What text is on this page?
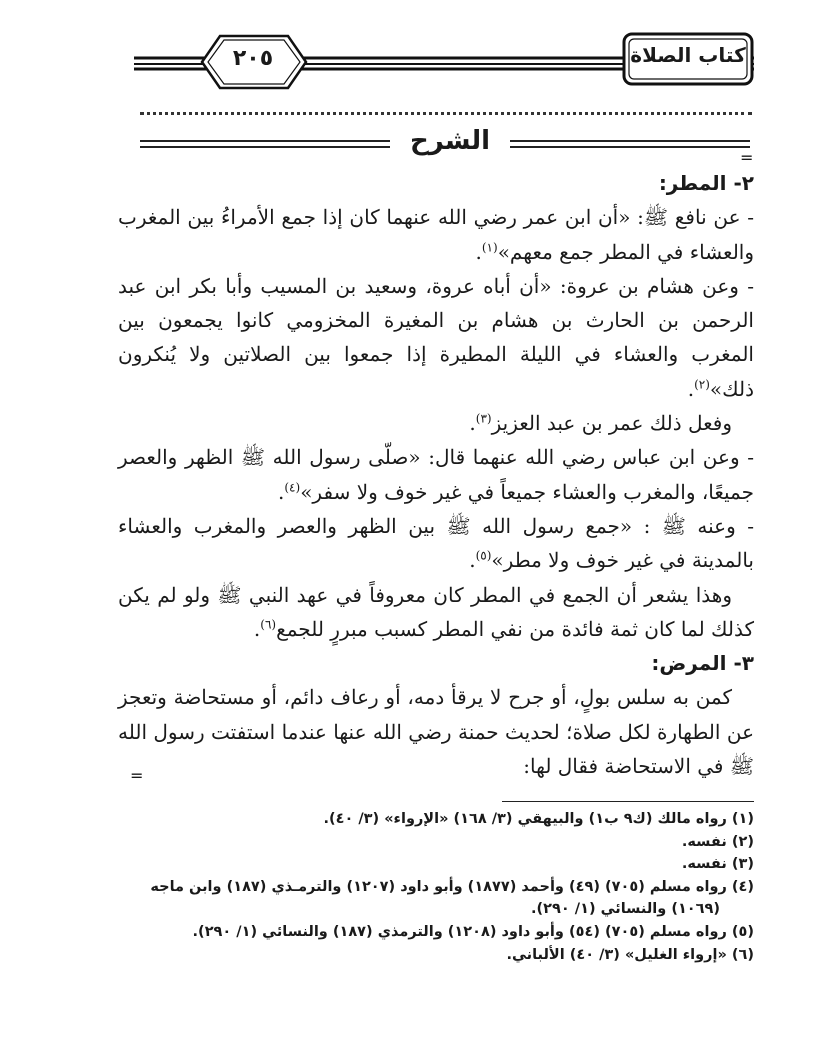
٢٠٥	كتاب الصلاة
الشرح
=

٢- المطر:

- عن نافع ﷺ: «أن ابن عمر رضي الله عنهما كان إذا جمع الأمراءُ بين المغرب والعشاء في المطر جمع معهم»$^{(١)}$.

- وعن هشام بن عروة: «أن أباه عروة، وسعيد بن المسيب وأبا بكر ابن عبد الرحمن بن الحارث بن هشام بن المغيرة المخزومي كانوا يجمعون بين المغرب والعشاء في الليلة المطيرة إذا جمعوا بين الصلاتين ولا يُنكرون ذلك»$^{(٢)}$.

وفعل ذلك عمر بن عبد العزيز$^{(٣)}$.

- وعن ابن عباس رضي الله عنهما قال: «صلّى رسول الله ﷺ الظهر والعصر جميعًا، والمغرب والعشاء جميعاً في غير خوف ولا سفر»$^{(٤)}$.

- وعنه ﷺ : «جمع رسول الله ﷺ بين الظهر والعصر والمغرب والعشاء بالمدينة في غير خوف ولا مطر»$^{(٥)}$.

وهذا يشعر أن الجمع في المطر كان معروفاً في عهد النبي ﷺ ولو لم يكن كذلك لما كان ثمة فائدة من نفي المطر كسبب مبررٍ للجمع$^{(٦)}$.

٣- المرض:

كمن به سلس بولٍ، أو جرح لا يرقأ دمه، أو رعاف دائم، أو مستحاضة وتعجز عن الطهارة لكل صلاة؛ لحديث حمنة رضي الله عنها عندما استفتت رسول الله ﷺ في الاستحاضة فقال لها:

=

(١) رواه مالك (ك٩ ب١) والبيهقي (٣/ ١٦٨) «الإرواء» (٣/ ٤٠).

(٢) نفسه.

(٣) نفسه.

(٤) رواه مسلم (٧٠٥) (٤٩) وأحمد (١٨٧٧) وأبو داود (١٢٠٧) والترمـذي (١٨٧) وابن ماجه

(١٠٦٩) والنسائي (١/ ٢٩٠).

(٥) رواه مسلم (٧٠٥) (٥٤) وأبو داود (١٢٠٨) والترمذي (١٨٧) والنسائي (١/ ٢٩٠).

(٦) «إرواء الغليل» (٣/ ٤٠) الألباني.
